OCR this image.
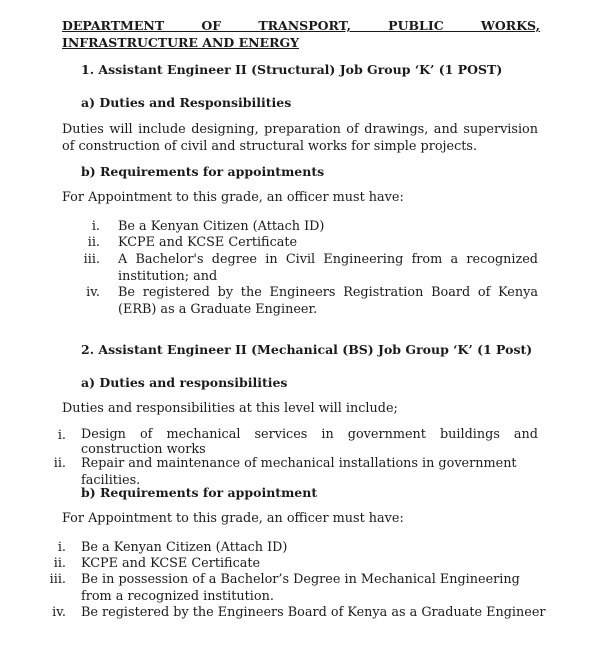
DEPARTMENT OF TRANSPORT, PUBLIC WORKS, INFRASTRUCTURE AND ENERGY
1. Assistant Engineer II (Structural) Job Group ‘K’ (1 POST)
a) Duties and Responsibilities
Duties will include designing, preparation of drawings, and supervision of construction of civil and structural works for simple projects.
b) Requirements for appointments
For Appointment to this grade, an officer must have:
i. Be a Kenyan Citizen (Attach ID)
ii. KCPE and KCSE Certificate
iii. A Bachelor's degree in Civil Engineering from a recognized institution; and
iv. Be registered by the Engineers Registration Board of Kenya (ERB) as a Graduate Engineer.
2. Assistant Engineer II (Mechanical (BS) Job Group ‘K’ (1 Post)
a) Duties and responsibilities
Duties and responsibilities at this level will include;
i. Design of mechanical services in government buildings and construction works
ii. Repair and maintenance of mechanical installations in government facilities.
b) Requirements for appointment
For Appointment to this grade, an officer must have:
i. Be a Kenyan Citizen (Attach ID)
ii. KCPE and KCSE Certificate
iii. Be in possession of a Bachelor’s Degree in Mechanical Engineering from a recognized institution.
iv. Be registered by the Engineers Board of Kenya as a Graduate Engineer
